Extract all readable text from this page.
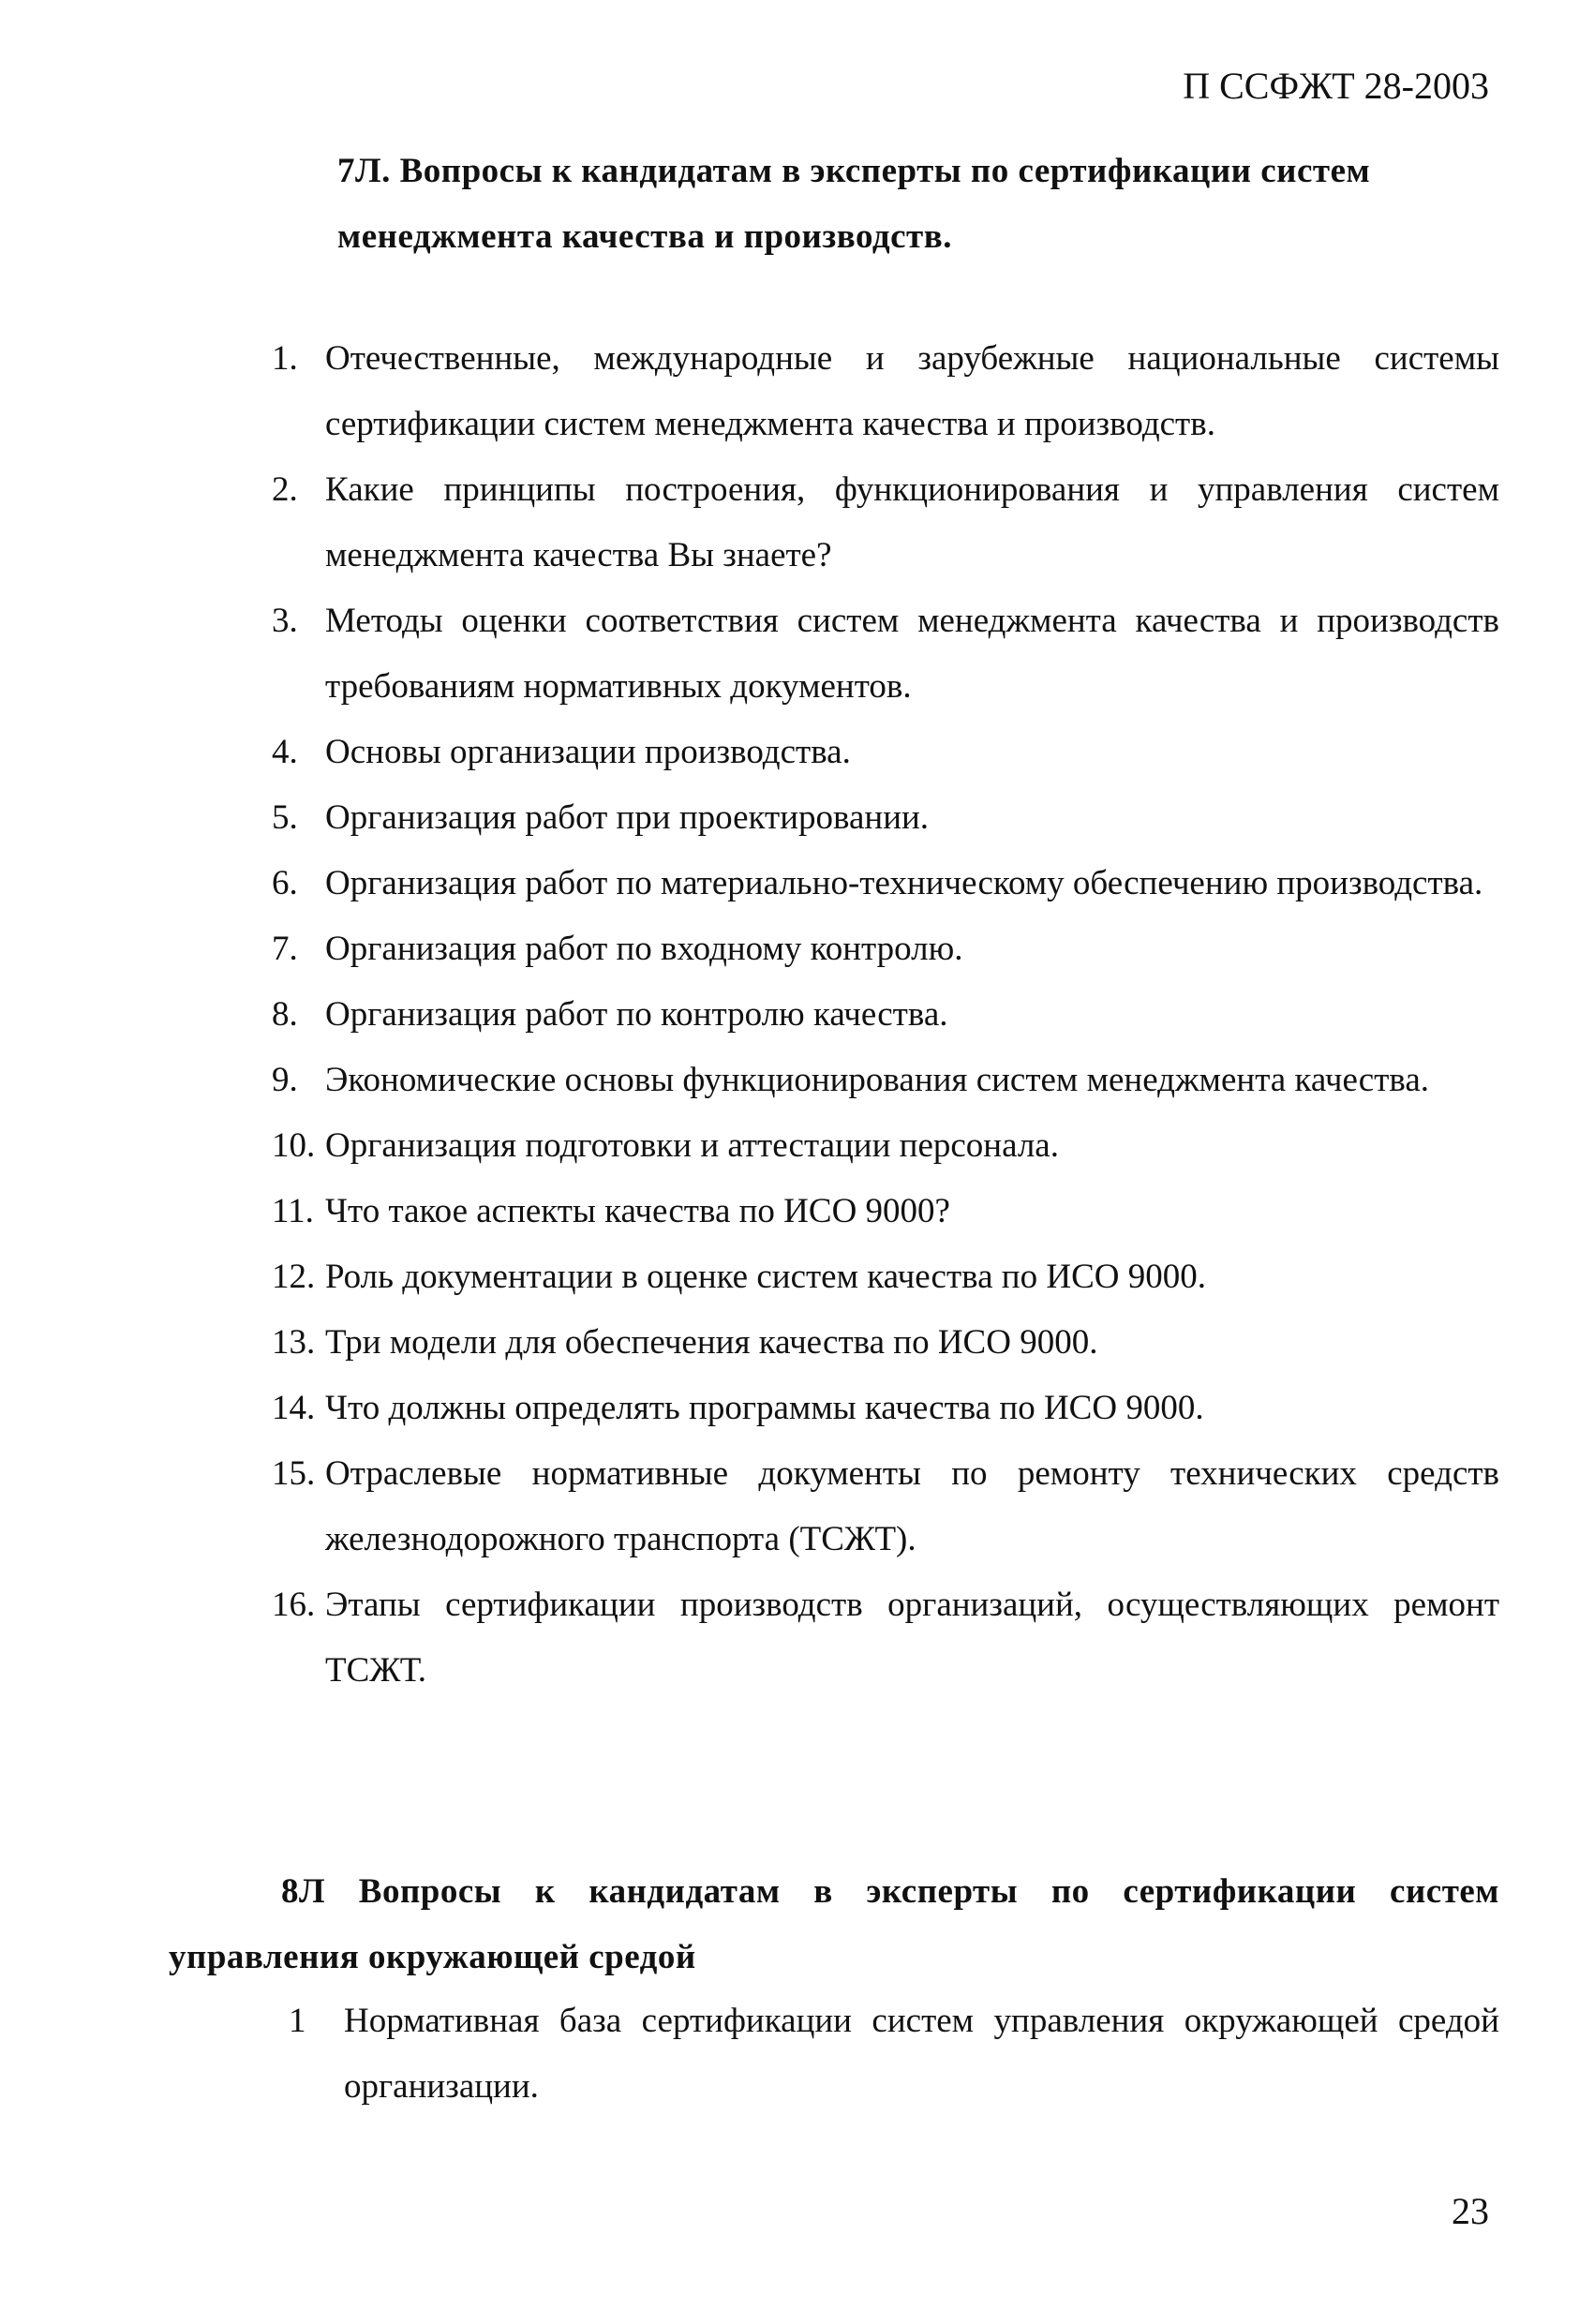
П ССФЖТ 28-2003
7Л. Вопросы к кандидатам в эксперты по сертификации систем
менеджмента качества и производств.
1. Отечественные, международные и зарубежные национальные системы сертификации систем менеджмента качества и производств.
2. Какие принципы построения, функционирования и управления систем менеджмента качества Вы знаете?
3. Методы оценки соответствия систем менеджмента качества и производств требованиям нормативных документов.
4. Основы организации производства.
5. Организация работ при проектировании.
6. Организация работ по материально-техническому обеспечению производства.
7. Организация работ по входному контролю.
8. Организация работ по контролю качества.
9. Экономические основы функционирования систем менеджмента качества.
10. Организация подготовки и аттестации персонала.
11. Что такое аспекты качества по ИСО 9000?
12. Роль документации в оценке систем качества по ИСО 9000.
13. Три модели для обеспечения качества по ИСО 9000.
14. Что должны определять программы качества по ИСО 9000.
15. Отраслевые нормативные документы по ремонту технических средств железнодорожного транспорта (ТСЖТ).
16. Этапы сертификации производств организаций, осуществляющих ремонт ТСЖТ.
8Л Вопросы к кандидатам в эксперты по сертификации систем
управления окружающей средой
1	Нормативная база сертификации систем управления окружающей средой организации.
23
